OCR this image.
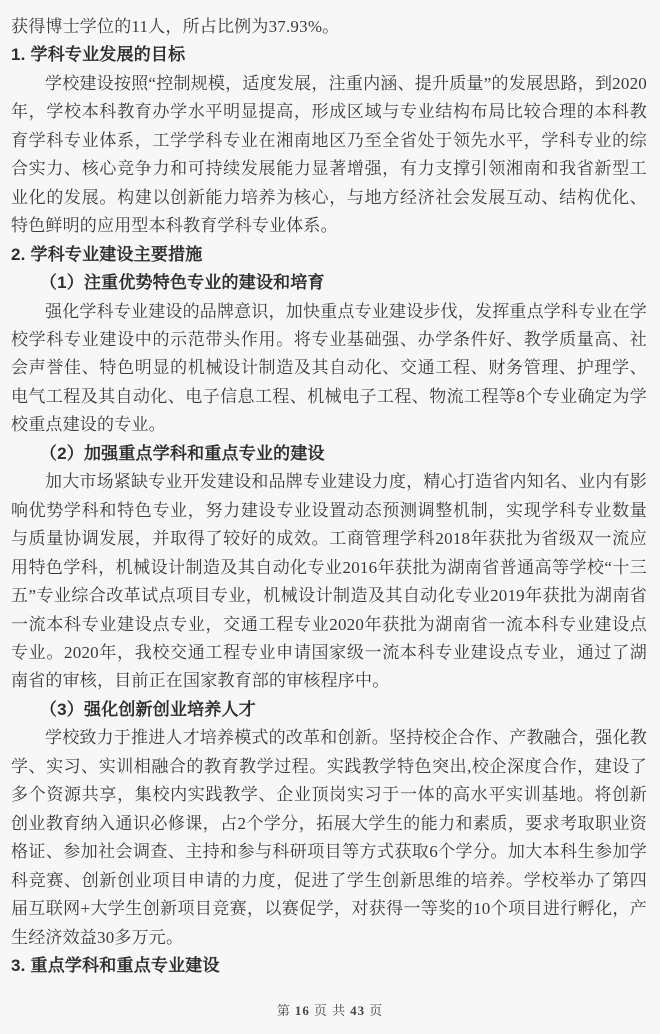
获得博士学位的11人，所占比例为37.93%。

1. 学科专业发展的目标

学校建设按照“控制规模，适度发展，注重内涵、提升质量”的发展思路，到2020年，学校本科教育办学水平明显提高，形成区域与专业结构布局比较合理的本科教育学科专业体系，工学学科专业在湘南地区乃至全省处于领先水平，学科专业的综合实力、核心竞争力和可持续发展能力显著增强，有力支撑引领湘南和我省新型工业化的发展。构建以创新能力培养为核心，与地方经济社会发展互动、结构优化、特色鲜明的应用型本科教育学科专业体系。

2. 学科专业建设主要措施

（1）注重优势特色专业的建设和培育

强化学科专业建设的品牌意识，加快重点专业建设步伐，发挥重点学科专业在学校学科专业建设中的示范带头作用。将专业基础强、办学条件好、教学质量高、社会声誉佳、特色明显的机械设计制造及其自动化、交通工程、财务管理、护理学、电气工程及其自动化、电子信息工程、机械电子工程、物流工程等8个专业确定为学校重点建设的专业。

（2）加强重点学科和重点专业的建设

加大市场紧缺专业开发建设和品牌专业建设力度，精心打造省内知名、业内有影响优势学科和特色专业，努力建设专业设置动态预测调整机制，实现学科专业数量与质量协调发展，并取得了较好的成效。工商管理学科2018年获批为省级双一流应用特色学科，机械设计制造及其自动化专业2016年获批为湖南省普通高等学校“十三五”专业综合改革试点项目专业，机械设计制造及其自动化专业2019年获批为湖南省一流本科专业建设点专业，交通工程专业2020年获批为湖南省一流本科专业建设点专业。2020年，我校交通工程专业申请国家级一流本科专业建设点专业，通过了湖南省的审核，目前正在国家教育部的审核程序中。

（3）强化创新创业培养人才

学校致力于推进人才培养模式的改革和创新。坚持校企合作、产教融合，强化教学、实习、实训相融合的教育教学过程。实践教学特色突出,校企深度合作，建设了多个资源共享，集校内实践教学、企业顶岗实习于一体的高水平实训基地。将创新创业教育纳入通识必修课，占2个学分，拓展大学生的能力和素质，要求考取职业资格证、参加社会调查、主持和参与科研项目等方式获取6个学分。加大本科生参加学科竞赛、创新创业项目申请的力度，促进了学生创新思维的培养。学校举办了第四届互联网+大学生创新项目竞赛，以赛促学，对获得一等奖的10个项目进行孵化，产生经济效益30多万元。

3. 重点学科和重点专业建设

第 16 页 共 43 页
